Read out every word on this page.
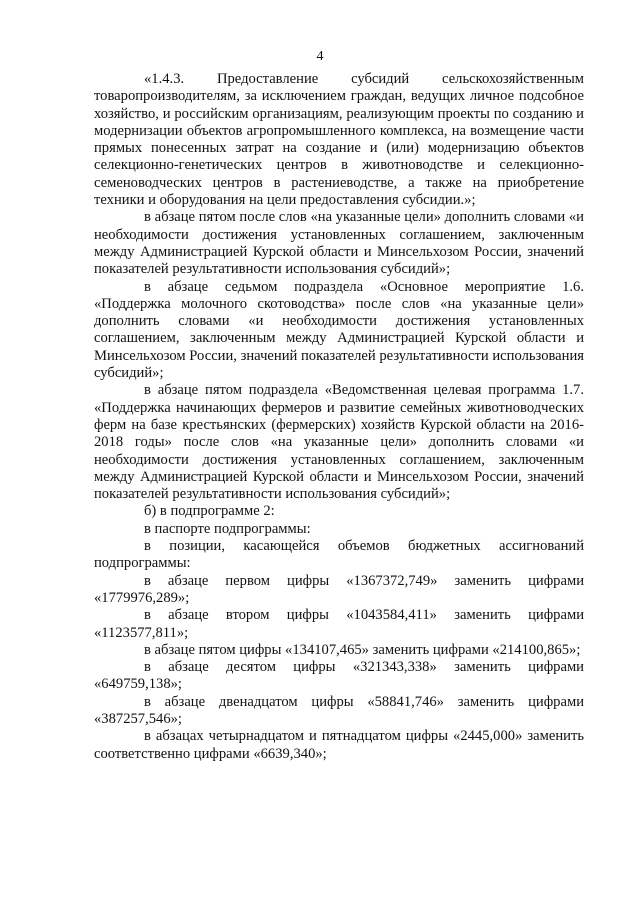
4

«1.4.3. Предоставление субсидий сельскохозяйственным товаропроизводителям, за исключением граждан, ведущих личное подсобное хозяйство, и российским организациям, реализующим проекты по созданию и модернизации объектов агропромышленного комплекса, на возмещение части прямых понесенных затрат на создание и (или) модернизацию объектов селекционно-генетических центров в животноводстве и селекционно-семеноводческих центров в растениеводстве, а также на приобретение техники и оборудования на цели предоставления субсидии.»;

в абзаце пятом после слов «на указанные цели» дополнить словами «и необходимости достижения установленных соглашением, заключенным между Администрацией Курской области и Минсельхозом России, значений показателей результативности использования субсидий»;

в абзаце седьмом подраздела «Основное мероприятие 1.6. «Поддержка молочного скотоводства» после слов «на указанные цели» дополнить словами «и необходимости достижения установленных соглашением, заключенным между Администрацией Курской области и Минсельхозом России, значений показателей результативности использования субсидий»;

в абзаце пятом подраздела «Ведомственная целевая программа 1.7. «Поддержка начинающих фермеров и развитие семейных животноводческих ферм на базе крестьянских (фермерских) хозяйств Курской области на 2016-2018 годы» после слов «на указанные цели» дополнить словами «и необходимости достижения установленных соглашением, заключенным между Администрацией Курской области и Минсельхозом России, значений показателей результативности использования субсидий»;

б) в подпрограмме 2:

в паспорте подпрограммы:

в позиции, касающейся объемов бюджетных ассигнований подпрограммы:

в абзаце первом цифры «1367372,749» заменить цифрами «1779976,289»;

в абзаце втором цифры «1043584,411» заменить цифрами «1123577,811»;

в абзаце пятом цифры «134107,465» заменить цифрами «214100,865»;

в абзаце десятом цифры «321343,338» заменить цифрами «649759,138»;

в абзаце двенадцатом цифры «58841,746» заменить цифрами «387257,546»;

в абзацах четырнадцатом и пятнадцатом цифры «2445,000» заменить соответственно цифрами «6639,340»;
